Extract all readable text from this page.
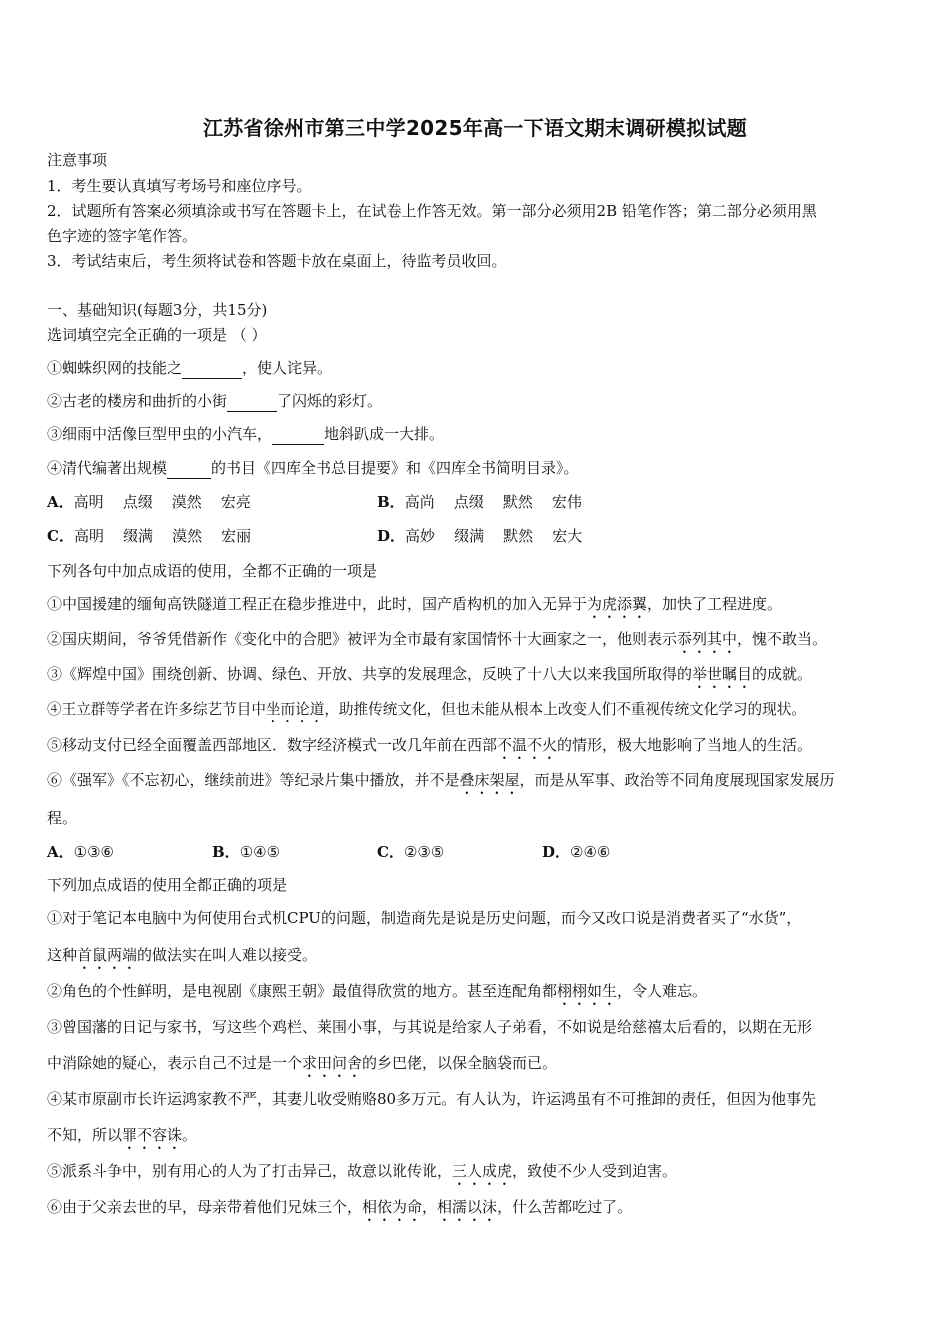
江苏省徐州市第三中学2025年高一下语文期末调研模拟试题
注意事项
1．考生要认真填写考场号和座位序号。
2．试题所有答案必须填涂或书写在答题卡上，在试卷上作答无效。第一部分必须用2B 铅笔作答；第二部分必须用黑
色字迹的签字笔作答。
3．考试结束后，考生须将试卷和答题卡放在桌面上，待监考员收回。
一、基础知识(每题3分，共15分)
选词填空完全正确的一项是 （ ）
①蜘蛛织网的技能之	，使人诧异。
②古老的楼房和曲折的小街	了闪烁的彩灯。
③细雨中活像巨型甲虫的小汽车，	地斜趴成一大排。
④清代编著出规模	的书目《四库全书总目提要》和《四库全书简明目录》。
A．高明    点缀    漠然    宏亮	B．高尚    点缀    默然    宏伟
C．高明    缀满    漠然    宏丽	D．高妙    缀满    默然    宏大
下列各句中加点成语的使用，全都不正确的一项是
①中国援建的缅甸高铁隧道工程正在稳步推进中，此时，国产盾构机的加入无异于为虎添翼，加快了工程进度。
②国庆期间，爷爷凭借新作《变化中的合肥》被评为全市最有家国情怀十大画家之一，他则表示忝列其中，愧不敢当。
③《辉煌中国》围绕创新、协调、绿色、开放、共享的发展理念，反映了十八大以来我国所取得的举世瞩目的成就。
④王立群等学者在许多综艺节目中坐而论道，助推传统文化，但也未能从根本上改变人们不重视传统文化学习的现状。
⑤移动支付已经全面覆盖西部地区．数字经济模式一改几年前在西部不温不火的情形，极大地影响了当地人的生活。
⑥《强军》《不忘初心，继续前进》等纪录片集中播放，并不是叠床架屋，而是从军事、政治等不同角度展现国家发展历
程。
A．①③⑥	B．①④⑤	C．②③⑤	D．②④⑥
下列加点成语的使用全都正确的项是
①对于笔记本电脑中为何使用台式机CPU的问题，制造商先是说是历史问题，而今又改口说是消费者买了“水货”，
这种首鼠两端的做法实在叫人难以接受。
②角色的个性鲜明，是电视剧《康熙王朝》最值得欣赏的地方。甚至连配角都栩栩如生，令人难忘。
③曾国藩的日记与家书，写这些个鸡栏、莱围小事，与其说是给家人子弟看，不如说是给慈禧太后看的，以期在无形
中消除她的疑心，表示自己不过是一个求田问舍的乡巴佬，以保全脑袋而已。
④某市原副市长许运鸿家教不严，其妻儿收受贿赂80多万元。有人认为，许运鸿虽有不可推卸的责任，但因为他事先
不知，所以罪不容诛。
⑤派系斗争中，别有用心的人为了打击异己，故意以讹传讹，三人成虎，致使不少人受到迫害。
⑥由于父亲去世的早，母亲带着他们兄妹三个，相依为命，相濡以沫，什么苦都吃过了。
